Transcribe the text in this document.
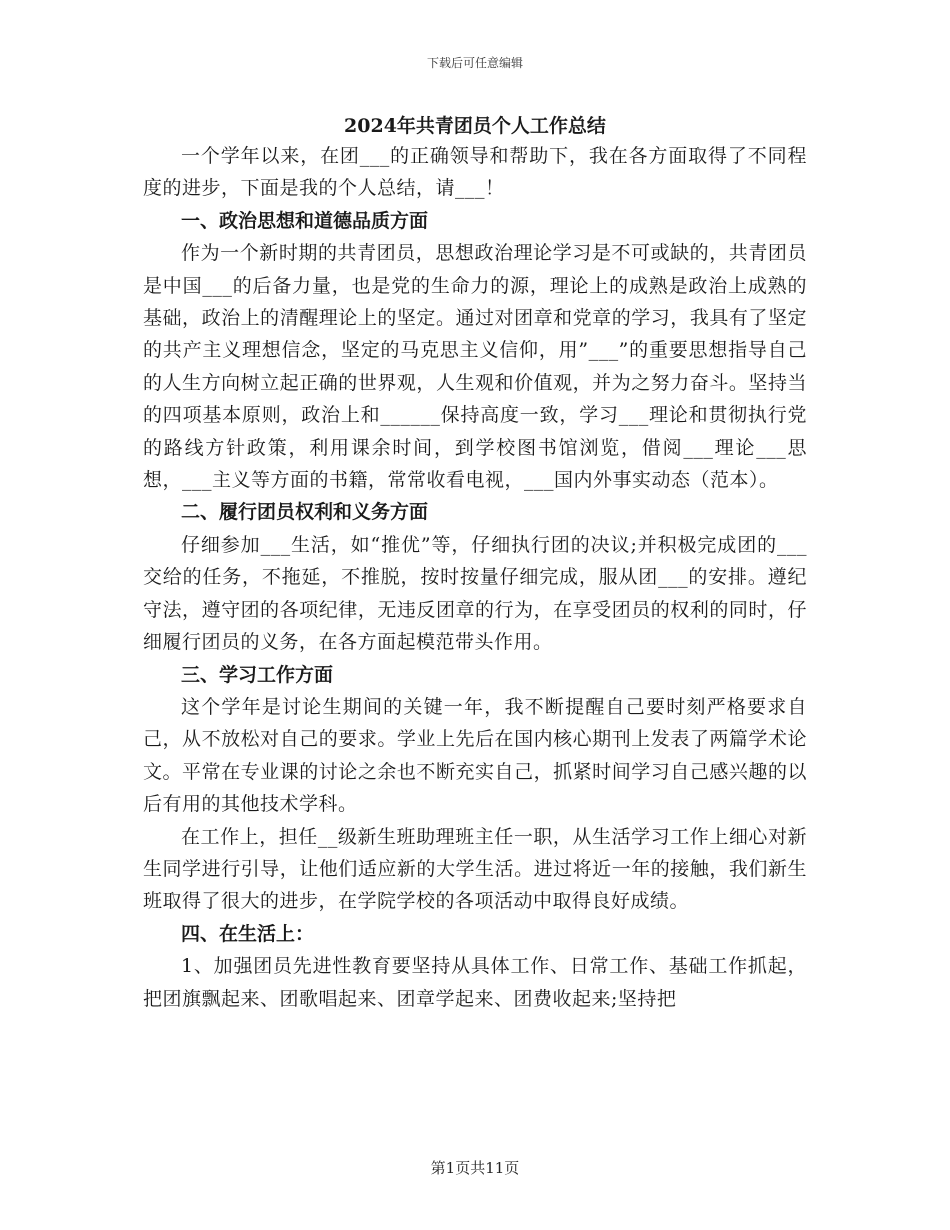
下载后可任意编辑
2024年共青团员个人工作总结

一个学年以来，在团___的正确领导和帮助下，我在各方面取得了不同程度的进步，下面是我的个人总结，请___！

一、政治思想和道德品质方面

作为一个新时期的共青团员，思想政治理论学习是不可或缺的，共青团员是中国___的后备力量，也是党的生命力的源，理论上的成熟是政治上成熟的基础，政治上的清醒理论上的坚定。通过对团章和党章的学习，我具有了坚定的共产主义理想信念，坚定的马克思主义信仰，用”___”的重要思想指导自己的人生方向树立起正确的世界观，人生观和价值观，并为之努力奋斗。坚持当的四项基本原则，政治上和______保持高度一致，学习___理论和贯彻执行党的路线方针政策，利用课余时间，到学校图书馆浏览，借阅___理论___思想，___主义等方面的书籍，常常收看电视，___国内外事实动态（范本）。

二、履行团员权利和义务方面

仔细参加___生活，如“推优”等，仔细执行团的决议;并积极完成团的___交给的任务，不拖延，不推脱，按时按量仔细完成，服从团___的安排。遵纪守法，遵守团的各项纪律，无违反团章的行为，在享受团员的权利的同时，仔细履行团员的义务，在各方面起模范带头作用。

三、学习工作方面

这个学年是讨论生期间的关键一年，我不断提醒自己要时刻严格要求自己，从不放松对自己的要求。学业上先后在国内核心期刊上发表了两篇学术论文。平常在专业课的讨论之余也不断充实自己，抓紧时间学习自己感兴趣的以后有用的其他技术学科。

在工作上，担任__级新生班助理班主任一职，从生活学习工作上细心对新生同学进行引导，让他们适应新的大学生活。进过将近一年的接触，我们新生班取得了很大的进步，在学院学校的各项活动中取得良好成绩。

四、在生活上：

1、加强团员先进性教育要坚持从具体工作、日常工作、基础工作抓起，把团旗飘起来、团歌唱起来、团章学起来、团费收起来;坚持把

第1页共11页
